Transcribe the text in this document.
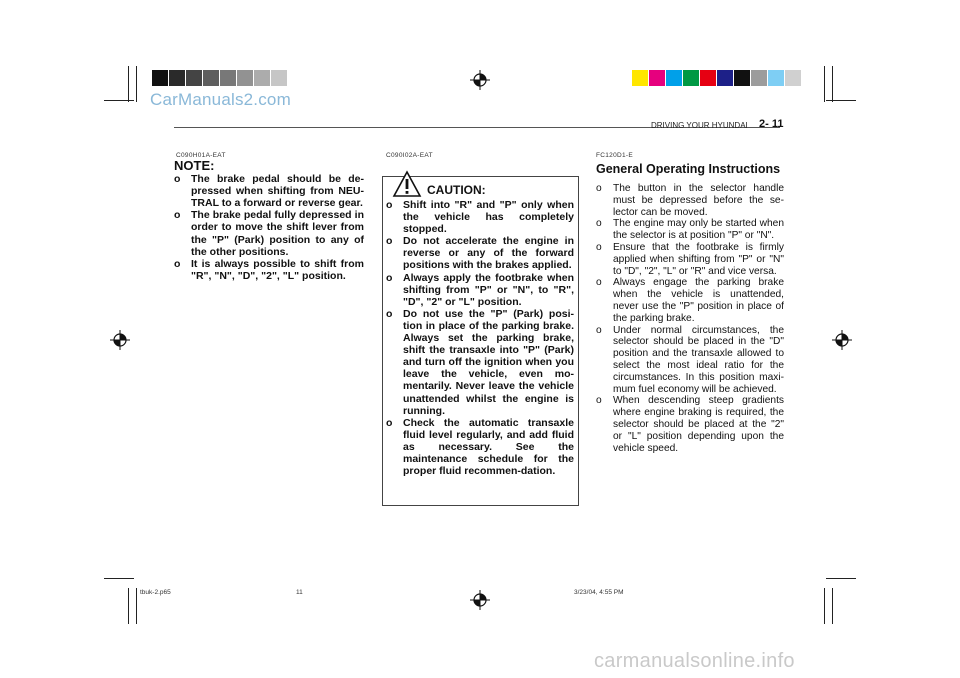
CarManuals2.com
carmanualsonline.info
DRIVING YOUR HYUNDAI 2- 11
C090H01A-EAT
NOTE:
o The brake pedal should be de-pressed when shifting from NEU-TRAL to a forward or reverse gear.
o The brake pedal fully depressed in order to move the shift lever from the "P" (Park) position to any of the other positions.
o It is always possible to shift from "R", "N", "D", "2", "L" position.
C090I02A-EAT
CAUTION:
o Shift into "R" and "P" only when the vehicle has completely stopped.
o Do not accelerate the engine in reverse or any of the forward positions with the brakes applied.
o Always apply the footbrake when shifting from "P" or "N", to "R", "D", "2" or "L" position.
o Do not use the "P" (Park) posi-tion in place of the parking brake. Always set the parking brake, shift the transaxle into "P" (Park) and turn off the ignition when you leave the vehicle, even mo-mentarily. Never leave the vehicle unattended whilst the engine is running.
o Check the automatic transaxle fluid level regularly, and add fluid as necessary. See the maintenance schedule for the proper fluid recommen-dation.
FC120D1-E
General Operating Instructions
o The button in the selector handle must be depressed before the se-lector can be moved.
o The engine may only be started when the selector is at position "P" or "N".
o Ensure that the footbrake is firmly applied when shifting from "P" or "N" to "D", "2", "L" or "R" and vice versa.
o Always engage the parking brake when the vehicle is unattended, never use the "P" position in place of the parking brake.
o Under normal circumstances, the selector should be placed in the "D" position and the transaxle allowed to select the most ideal ratio for the circumstances. In this position maxi-mum fuel economy will be achieved.
o When descending steep gradients where engine braking is required, the selector should be placed at the "2" or "L" position depending upon the vehicle speed.
tbuk-2.p65	11	3/23/04, 4:55 PM
